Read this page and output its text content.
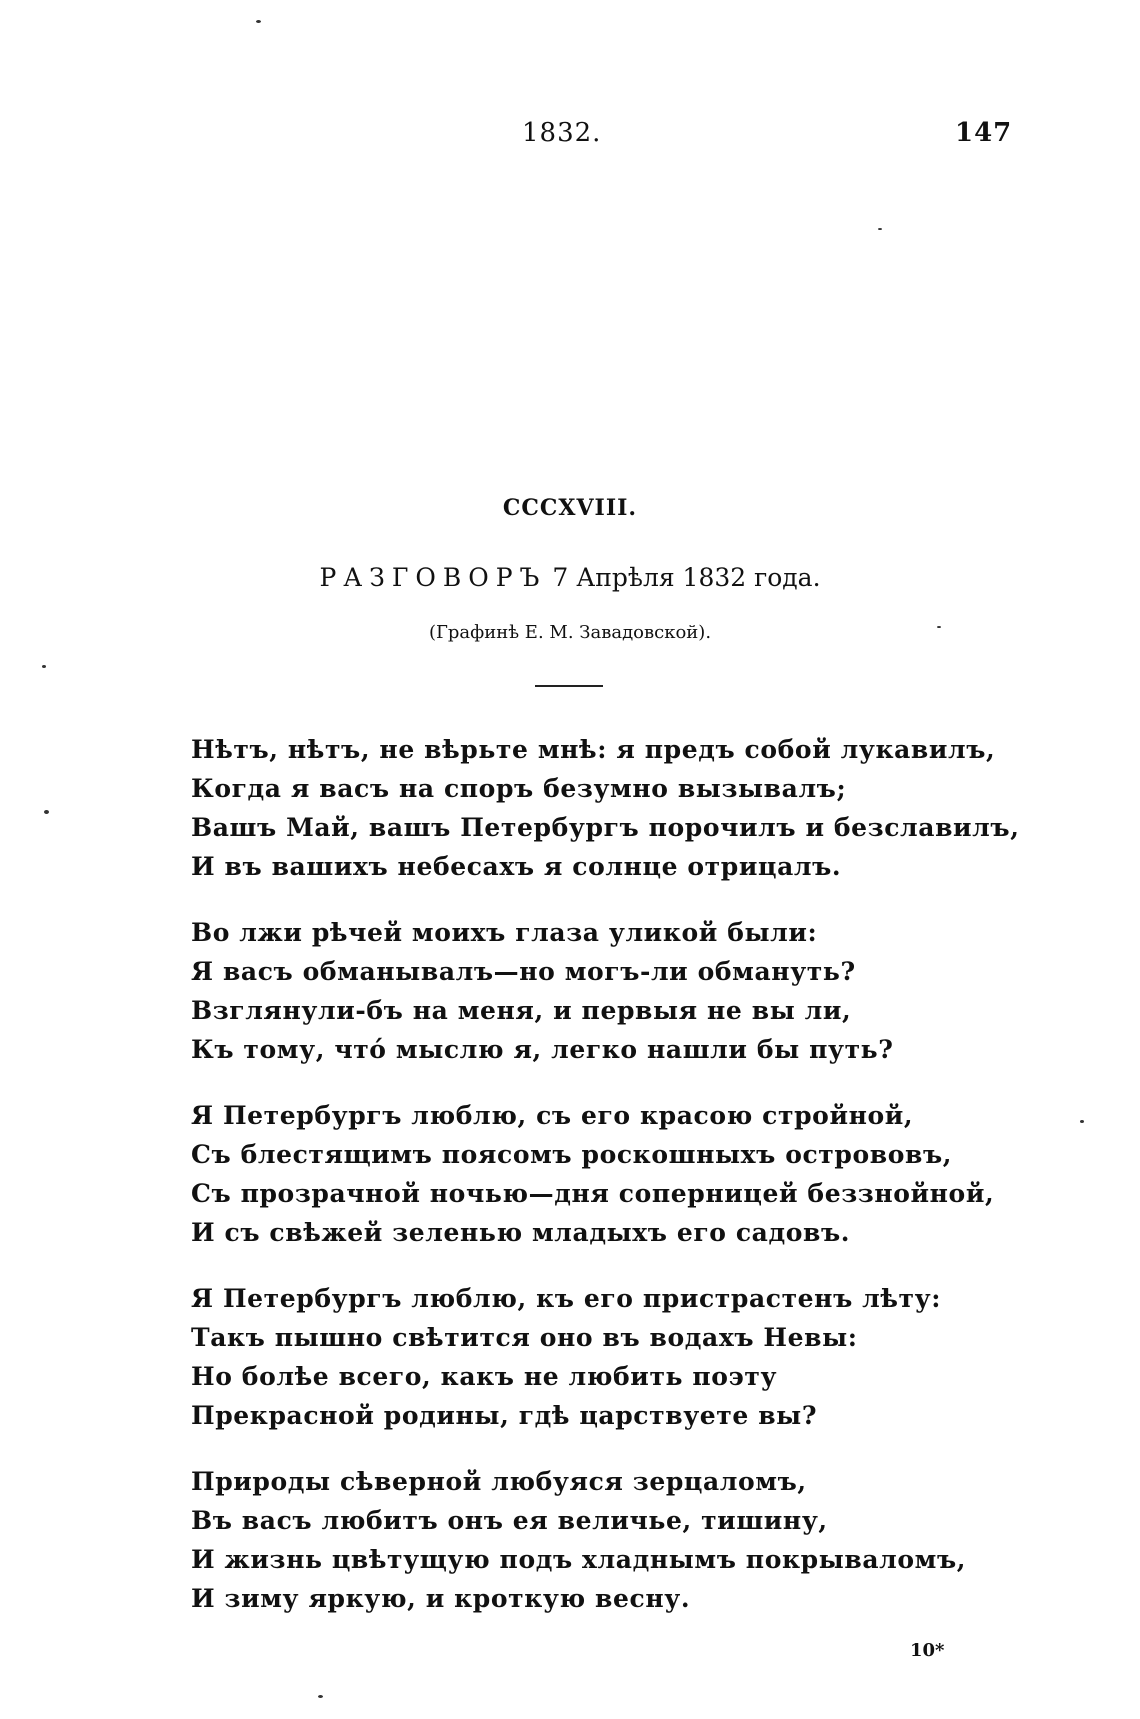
1832.	147
CCCXVIII.
РАЗГОВОРЪ 7 Апрѣля 1832 года.
(Графинѣ Е. М. Завадовской).
Нѣтъ, нѣтъ, не вѣрьте мнѣ: я предъ собой лукавилъ,
Когда я васъ на споръ безумно вызывалъ;
Вашъ Май, вашъ Петербургъ порочилъ и безславилъ,
И въ вашихъ небесахъ я солнце отрицалъ.
Во лжи рѣчей моихъ глаза уликой были:
Я васъ обманывалъ—но могъ-ли обмануть?
Взглянули-бъ на меня, и первыя не вы ли,
Къ тому, что́ мыслю я, легко нашли бы путь?
Я Петербургъ люблю, съ его красою стройной,
Съ блестящимъ поясомъ роскошныхъ острововъ,
Съ прозрачной ночью—дня соперницей беззнойной,
И съ свѣжей зеленью младыхъ его садовъ.
Я Петербургъ люблю, къ его пристрастенъ лѣту:
Такъ пышно свѣтится оно въ водахъ Невы:
Но болѣе всего, какъ не любить поэту
Прекрасной родины, гдѣ царствуете вы?
Природы сѣверной любуяся зерцаломъ,
Въ васъ любитъ онъ ея величье, тишину,
И жизнь цвѣтущую подъ хладнымъ покрываломъ,
И зиму яркую, и кроткую весну.
10*
